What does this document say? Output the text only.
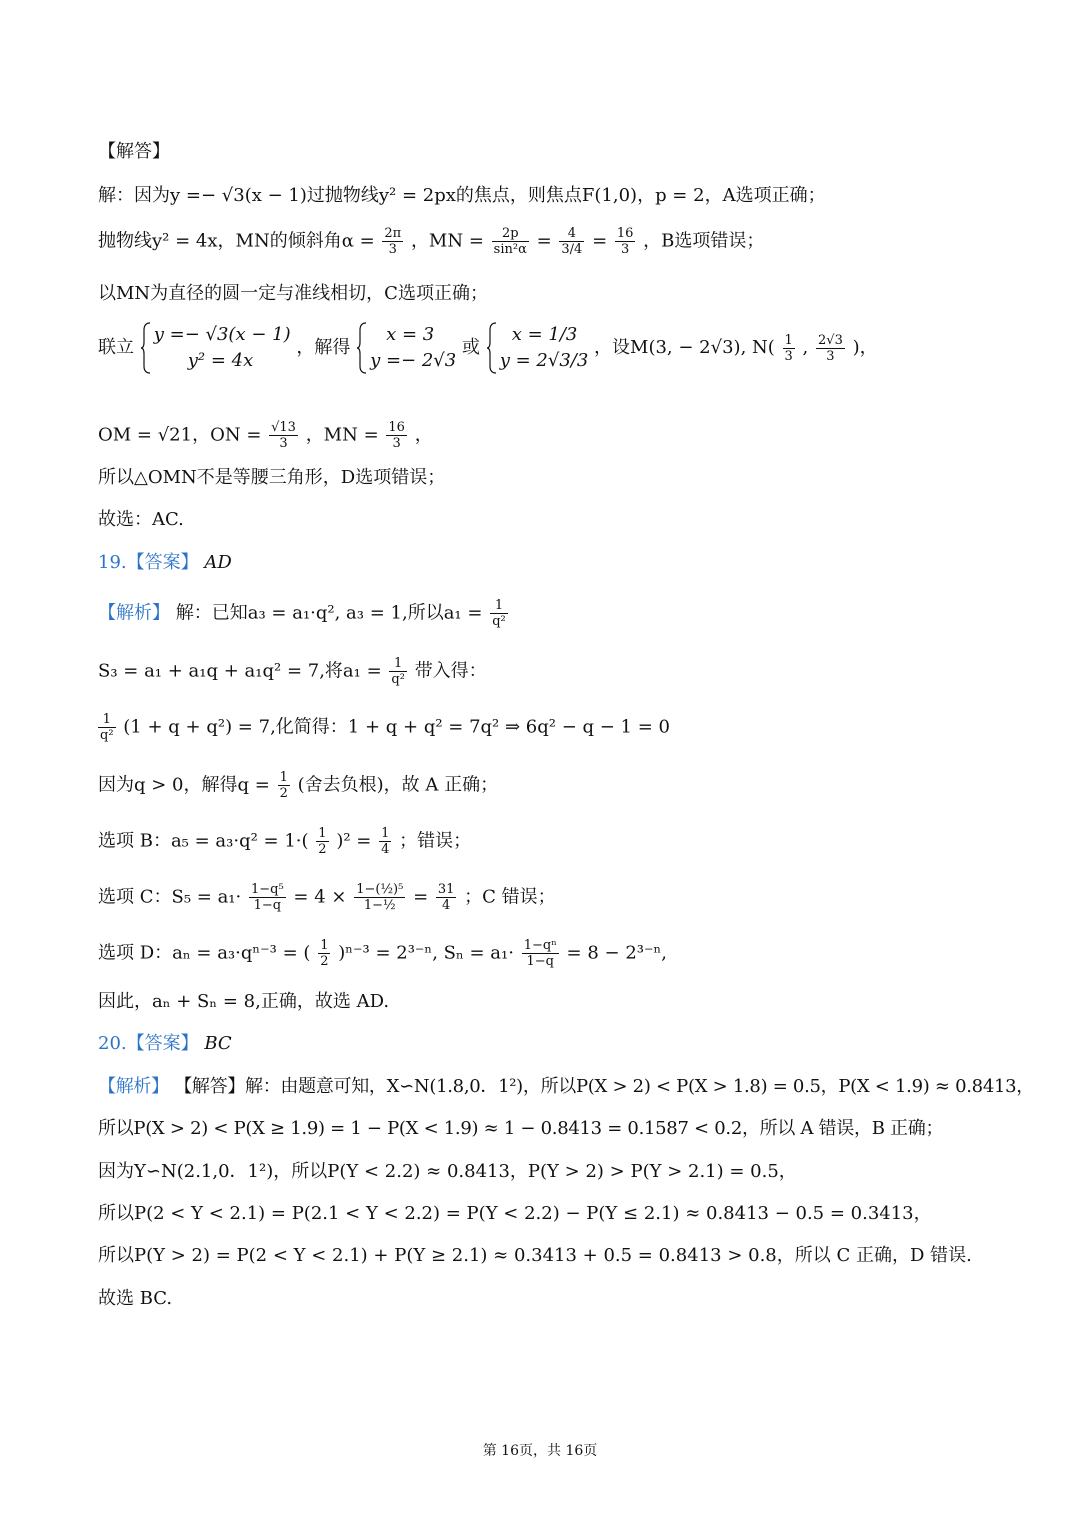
【解答】
解：因为y =− √3(x − 1)过抛物线y² = 2px的焦点，则焦点F(1,0)，p = 2，A选项正确；
抛物线y² = 4x，MN的倾斜角$\alpha = \frac{2\pi}{3}$ ，MN = $\frac{2p}{\text{sin²α}} = \frac{4}{3/4} = \frac{16}{3}$ ，B选项错误；
以MN为直径的圆一定与准线相切，C选项正确；
联立
y =− √3(x − 1)
y² = 4x
，解得
x = 3
y =− 2√3
或
x = 1/3
y = 2√3/3
，设M(3, − 2√3), $N( \frac{1}{3}$ , $\frac{2√3}{3}$ )，
OM = √21，ON = $\frac{√13}{3}$ ，MN = $\frac{16}{3}$ ，
所以△OMN不是等腰三角形，D选项错误；
故选：AC.
19.【答案】 AD
【解析】 解：已知a₃ = a₁·q², a₃ = 1,所以$a_1 = \frac{1}{\text{q²}}$
S₃ = a₁ + a₁q + a₁q² = 7,将$a_1 = \frac{1}{\text{q²}}$ 带入得：
$\frac{1}{\text{q²}} (1 + q + q^2) = 7$,化简得：1 + q + q² = 7q² ⇒ 6q² − q − 1 = 0
因为q > 0，解得$q = \frac{1}{2}$ (舍去负根)，故 A 正确；
选项 B：$a_5 = a_3\cdot q^2 = 1\cdot( \frac{1}{2} )^2 = \frac{1}{4}$ ；错误；
选项 C：$S_5 = a_1\cdot \frac{\text{1−q⁵}}{1-q} = 4 \times \frac{\text{1−(½)⁵}}{\text{1−½}} = \frac{31}{4}$ ；C 错误；
选项 D：aₙ = a₃·qⁿ⁻³ = ( $\frac{1}{2} )^{n-3} = 2^{3-n}$, $S_n = a_1\cdot \frac{\text{1−qⁿ}}{1-q} = 8 - 2^{3-n}$,
因此，aₙ + Sₙ = 8,正确，故选 AD.
20.【答案】 BC
【解析】 【解答】解：由题意可知，X∽N(1.8,0．1²)，所以P(X > 2) < P(X > 1.8) = 0.5，P(X < 1.9) ≈ 0.8413，
所以P(X > 2) < P(X ≥ 1.9) = 1 − P(X < 1.9) ≈ 1 − 0.8413 = 0.1587 < 0.2，所以 A 错误，B 正确；
因为Y∽N(2.1,0．1²)，所以P(Y < 2.2) ≈ 0.8413，P(Y > 2) > P(Y > 2.1) = 0.5，
所以P(2 < Y < 2.1) = P(2.1 < Y < 2.2) = P(Y < 2.2) − P(Y ≤ 2.1) ≈ 0.8413 − 0.5 = 0.3413，
所以P(Y > 2) = P(2 < Y < 2.1) + P(Y ≥ 2.1) ≈ 0.3413 + 0.5 = 0.8413 > 0.8，所以 C 正确，D 错误.
故选 BC.
第 16页，共 16页
